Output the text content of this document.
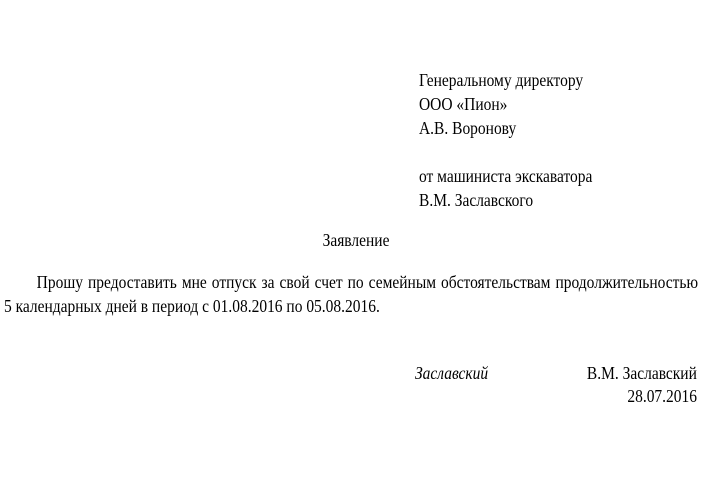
Генеральному директору
ООО «Пион»
А.В. Воронову
от машиниста экскаватора
В.М. Заславского
Заявление
Прошу предоставить мне отпуск за свой счет по семейным обстоятельствам продолжительностью 5 календарных дней в период с 01.08.2016 по 05.08.2016.
Заславский	В.М. Заславский
28.07.2016
